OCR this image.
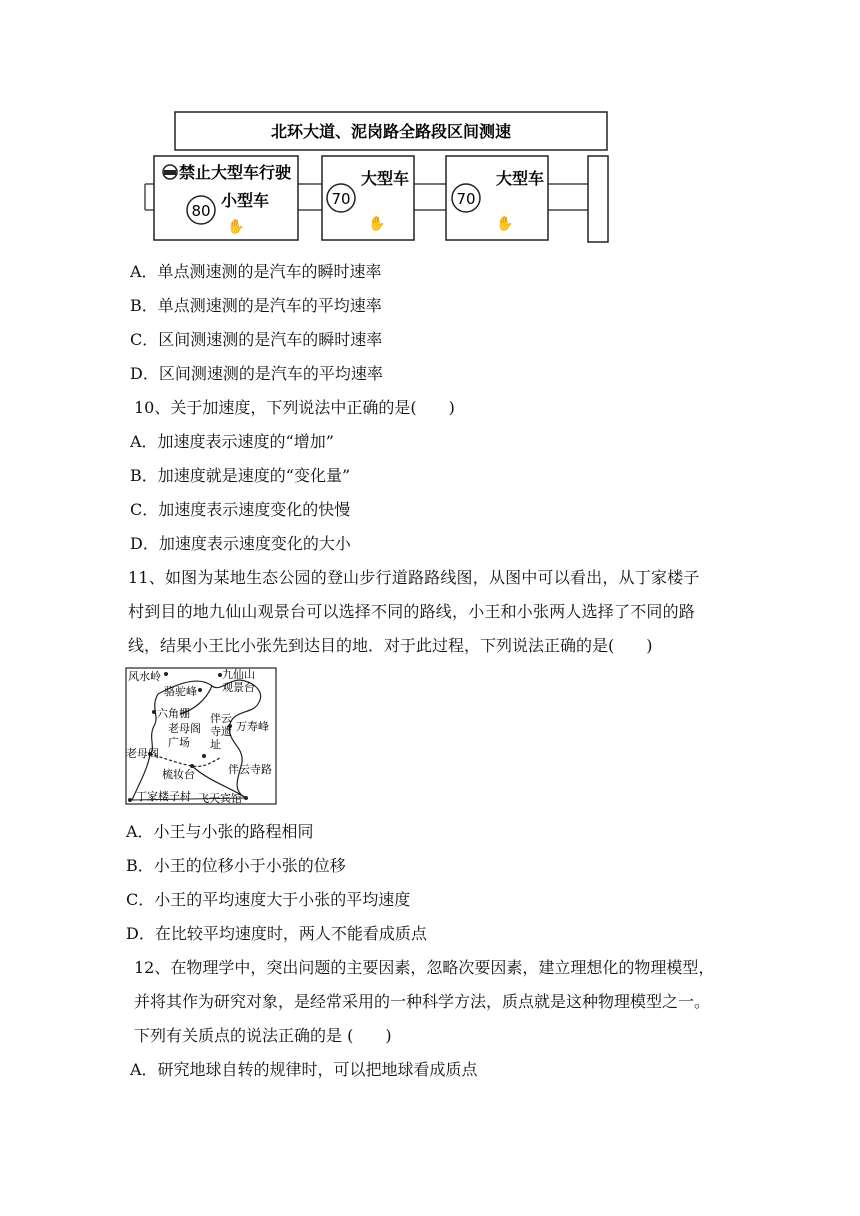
北环大道、泥岗路全路段区间测速
禁止大型车行驶
80
小型车
✋
70
大型车
✋
70
大型车
✋
A．单点测速测的是汽车的瞬时速率
B．单点测速测的是汽车的平均速率
C．区间测速测的是汽车的瞬时速率
D．区间测速测的是汽车的平均速率
10、关于加速度，下列说法中正确的是(　　)
A．加速度表示速度的“增加”
B．加速度就是速度的“变化量”
C．加速度表示速度变化的快慢
D．加速度表示速度变化的大小
11、如图为某地生态公园的登山步行道路路线图，从图中可以看出，从丁家楼子
村到目的地九仙山观景台可以选择不同的路线，小王和小张两人选择了不同的路
线，结果小王比小张先到达目的地．对于此过程，下列说法正确的是(　　)
风水岭	九仙山
观景台
骆驼峰
六角棚
老母阁
广场
伴云
寺遗
址
万寿峰
老母阁
梳妆台	伴云寺路
丁家楼子村 飞天宾馆
A．小王与小张的路程相同
B．小王的位移小于小张的位移
C．小王的平均速度大于小张的平均速度
D．在比较平均速度时，两人不能看成质点
12、在物理学中，突出问题的主要因素，忽略次要因素，建立理想化的物理模型，
并将其作为研究对象，是经常采用的一种科学方法，质点就是这种物理模型之一。
下列有关质点的说法正确的是 (　　)
A．研究地球自转的规律时，可以把地球看成质点
